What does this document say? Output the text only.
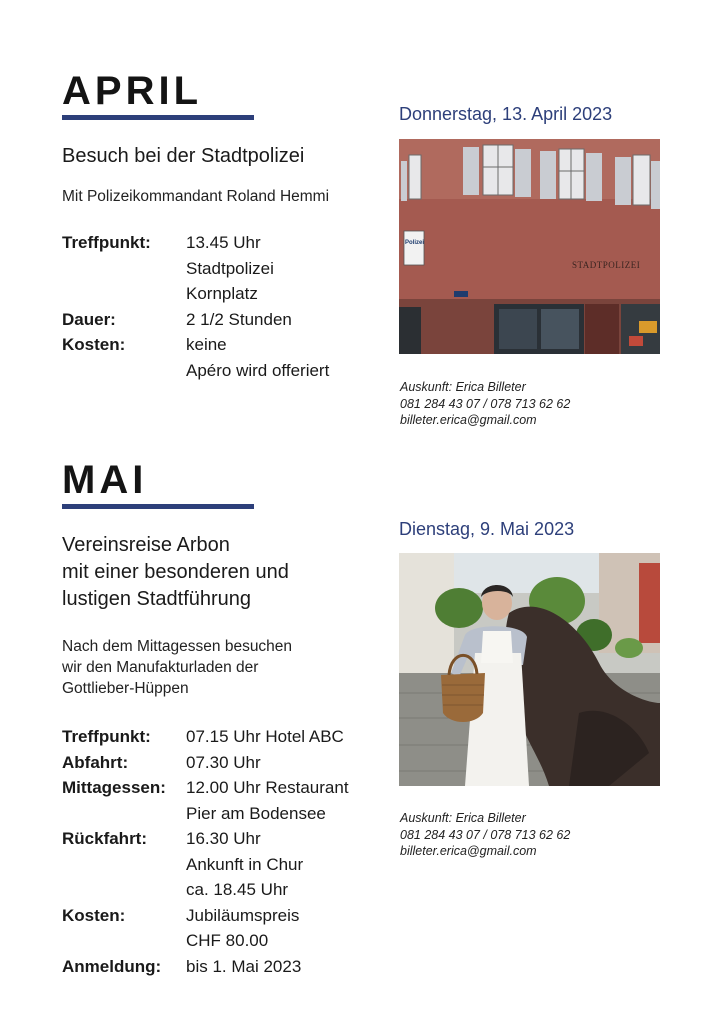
APRIL
Besuch bei der Stadtpolizei
Mit Polizeikommandant Roland Hemmi
Treffpunkt:	13.45 Uhr
Stadtpolizei
Kornplatz
Dauer:	2 1/2 Stunden
Kosten:	keine
Apéro wird offeriert
Donnerstag, 13. April 2023
Polizei
STADTPOLIZEI
Auskunft: Erica Billeter
081 284 43 07 / 078 713 62 62
billeter.erica@gmail.com
MAI
Vereinsreise Arbon
mit einer besonderen und
lustigen Stadtführung
Nach dem Mittagessen besuchen
wir den Manufakturladen der
Gottlieber-Hüppen
Treffpunkt:	07.15 Uhr Hotel ABC
Abfahrt:	07.30 Uhr
Mittagessen:	12.00 Uhr Restaurant
Pier am Bodensee
Rückfahrt:	16.30 Uhr
Ankunft in Chur
ca. 18.45 Uhr
Kosten:	Jubiläumspreis
CHF 80.00
Anmeldung:	bis 1. Mai 2023
Dienstag, 9. Mai 2023
Auskunft: Erica Billeter
081 284 43 07 / 078 713 62 62
billeter.erica@gmail.com
